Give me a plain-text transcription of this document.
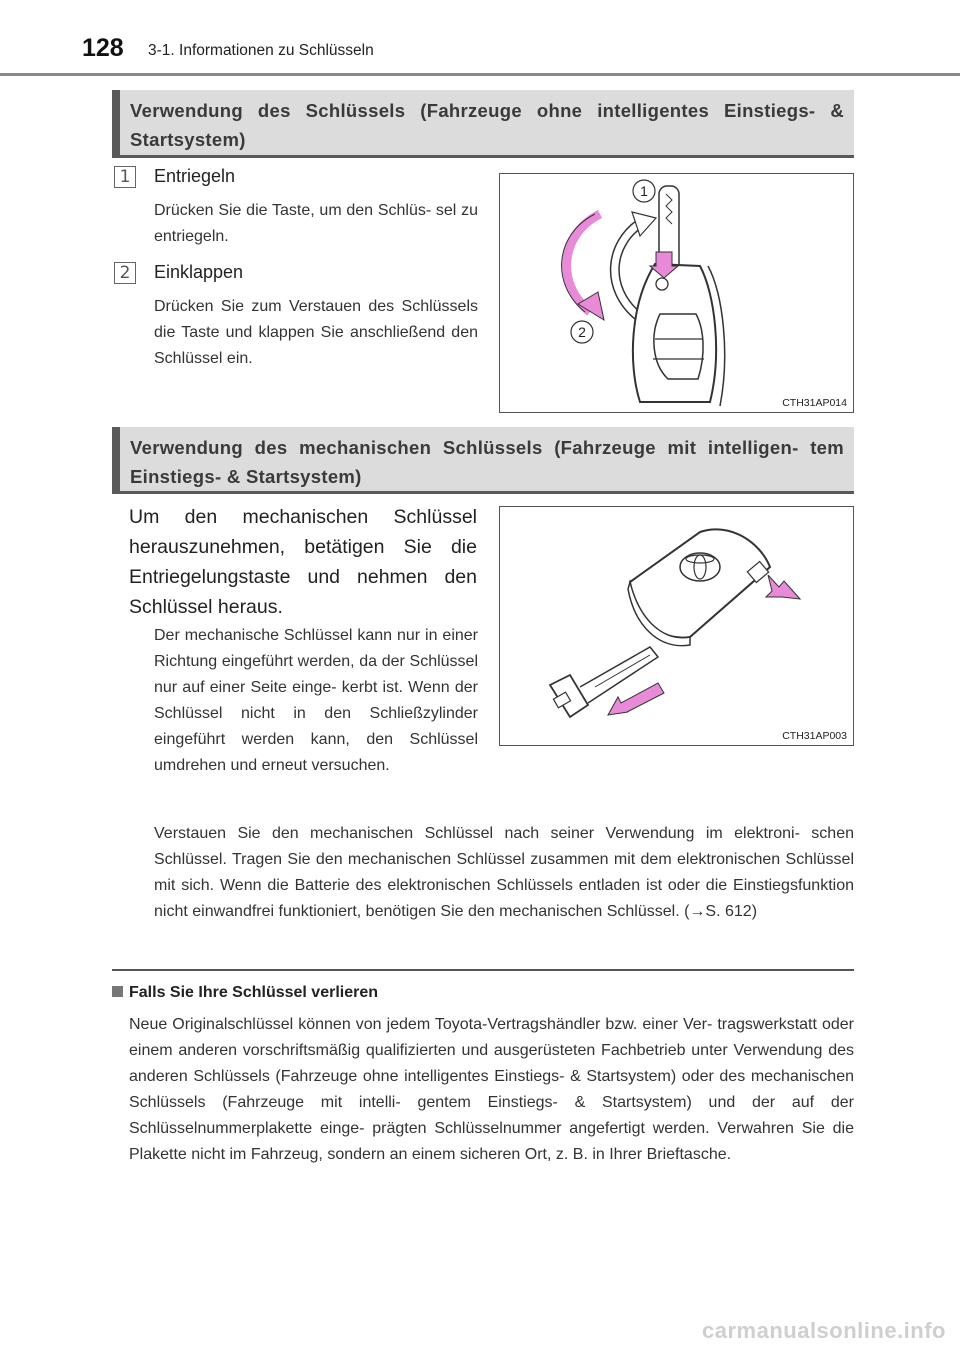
128 3-1. Informationen zu Schlüsseln
Verwendung des Schlüssels (Fahrzeuge ohne intelligentes Einstiegs- & Startsystem)
1	Entriegeln
Drücken Sie die Taste, um den Schlüs- sel zu entriegeln.
2	Einklappen
Drücken Sie zum Verstauen des Schlüssels die Taste und klappen Sie anschließend den Schlüssel ein.
1
2
CTH31AP014
Verwendung des mechanischen Schlüssels (Fahrzeuge mit intelligen- tem Einstiegs- & Startsystem)
Um den mechanischen Schlüssel herauszunehmen, betätigen Sie die Entriegelungstaste und nehmen den Schlüssel heraus.
Der mechanische Schlüssel kann nur in einer Richtung eingeführt werden, da der Schlüssel nur auf einer Seite einge- kerbt ist. Wenn der Schlüssel nicht in den Schließzylinder eingeführt werden kann, den Schlüssel umdrehen und erneut versuchen.
CTH31AP003
Verstauen Sie den mechanischen Schlüssel nach seiner Verwendung im elektroni- schen Schlüssel. Tragen Sie den mechanischen Schlüssel zusammen mit dem elektronischen Schlüssel mit sich. Wenn die Batterie des elektronischen Schlüssels entladen ist oder die Einstiegsfunktion nicht einwandfrei funktioniert, benötigen Sie den mechanischen Schlüssel. (→S. 612)
Falls Sie Ihre Schlüssel verlieren
Neue Originalschlüssel können von jedem Toyota-Vertragshändler bzw. einer Ver- tragswerkstatt oder einem anderen vorschriftsmäßig qualifizierten und ausgerüsteten Fachbetrieb unter Verwendung des anderen Schlüssels (Fahrzeuge ohne intelligentes Einstiegs- & Startsystem) oder des mechanischen Schlüssels (Fahrzeuge mit intelli- gentem Einstiegs- & Startsystem) und der auf der Schlüsselnummerplakette einge- prägten Schlüsselnummer angefertigt werden. Verwahren Sie die Plakette nicht im Fahrzeug, sondern an einem sicheren Ort, z. B. in Ihrer Brieftasche.
carmanualsonline.info
